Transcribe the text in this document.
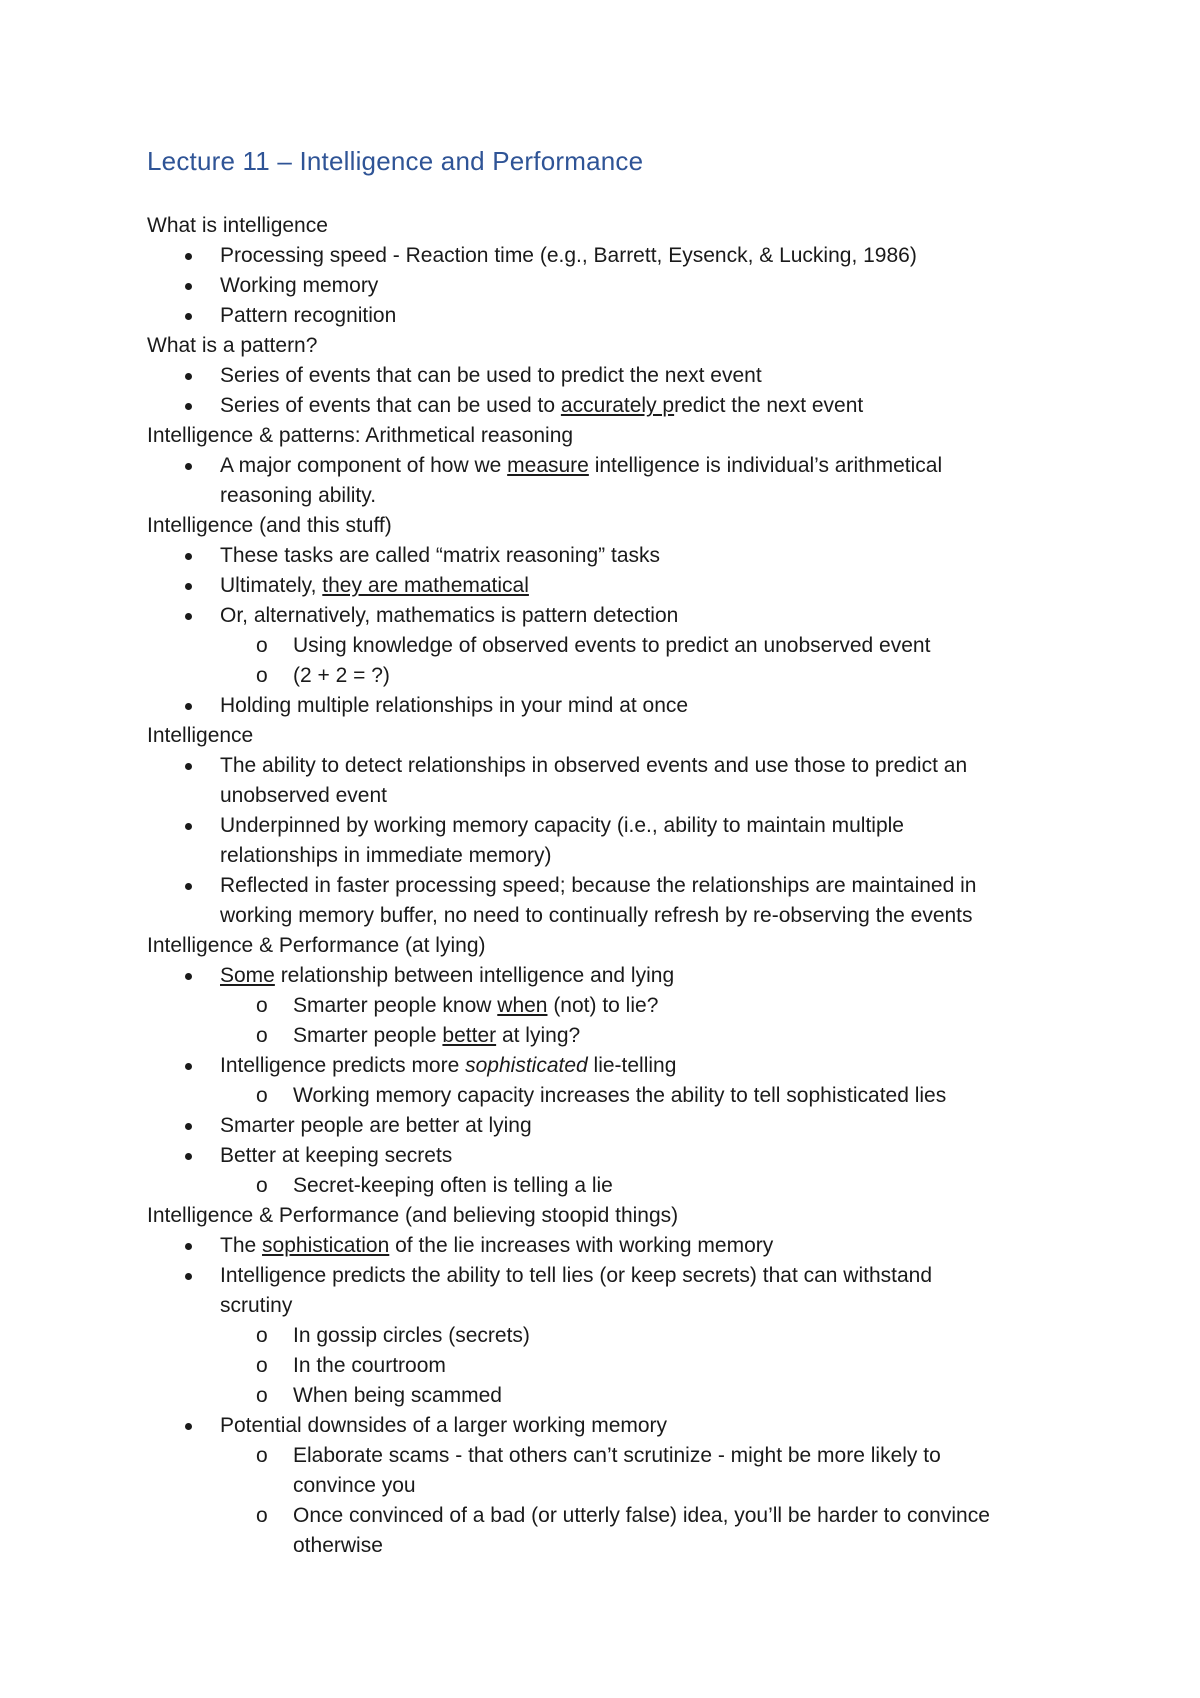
Lecture 11 – Intelligence and Performance
What is intelligence
Processing speed - Reaction time (e.g., Barrett, Eysenck, & Lucking, 1986)
Working memory
Pattern recognition
What is a pattern?
Series of events that can be used to predict the next event
Series of events that can be used to accurately predict the next event
Intelligence & patterns: Arithmetical reasoning
A major component of how we measure intelligence is individual’s arithmetical
reasoning ability.
Intelligence (and this stuff)
These tasks are called “matrix reasoning” tasks
Ultimately, they are mathematical
Or, alternatively, mathematics is pattern detection
o Using knowledge of observed events to predict an unobserved event
o (2 + 2 = ?)
Holding multiple relationships in your mind at once
Intelligence
The ability to detect relationships in observed events and use those to predict an
unobserved event
Underpinned by working memory capacity (i.e., ability to maintain multiple
relationships in immediate memory)
Reflected in faster processing speed; because the relationships are maintained in
working memory buffer, no need to continually refresh by re-observing the events
Intelligence & Performance (at lying)
Some relationship between intelligence and lying
o Smarter people know when (not) to lie?
o Smarter people better at lying?
Intelligence predicts more sophisticated lie-telling
o Working memory capacity increases the ability to tell sophisticated lies
Smarter people are better at lying
Better at keeping secrets
o Secret-keeping often is telling a lie
Intelligence & Performance (and believing stoopid things)
The sophistication of the lie increases with working memory
Intelligence predicts the ability to tell lies (or keep secrets) that can withstand
scrutiny
o In gossip circles (secrets)
o In the courtroom
o When being scammed
Potential downsides of a larger working memory
o Elaborate scams - that others can’t scrutinize - might be more likely to
convince you
o Once convinced of a bad (or utterly false) idea, you’ll be harder to convince
otherwise
